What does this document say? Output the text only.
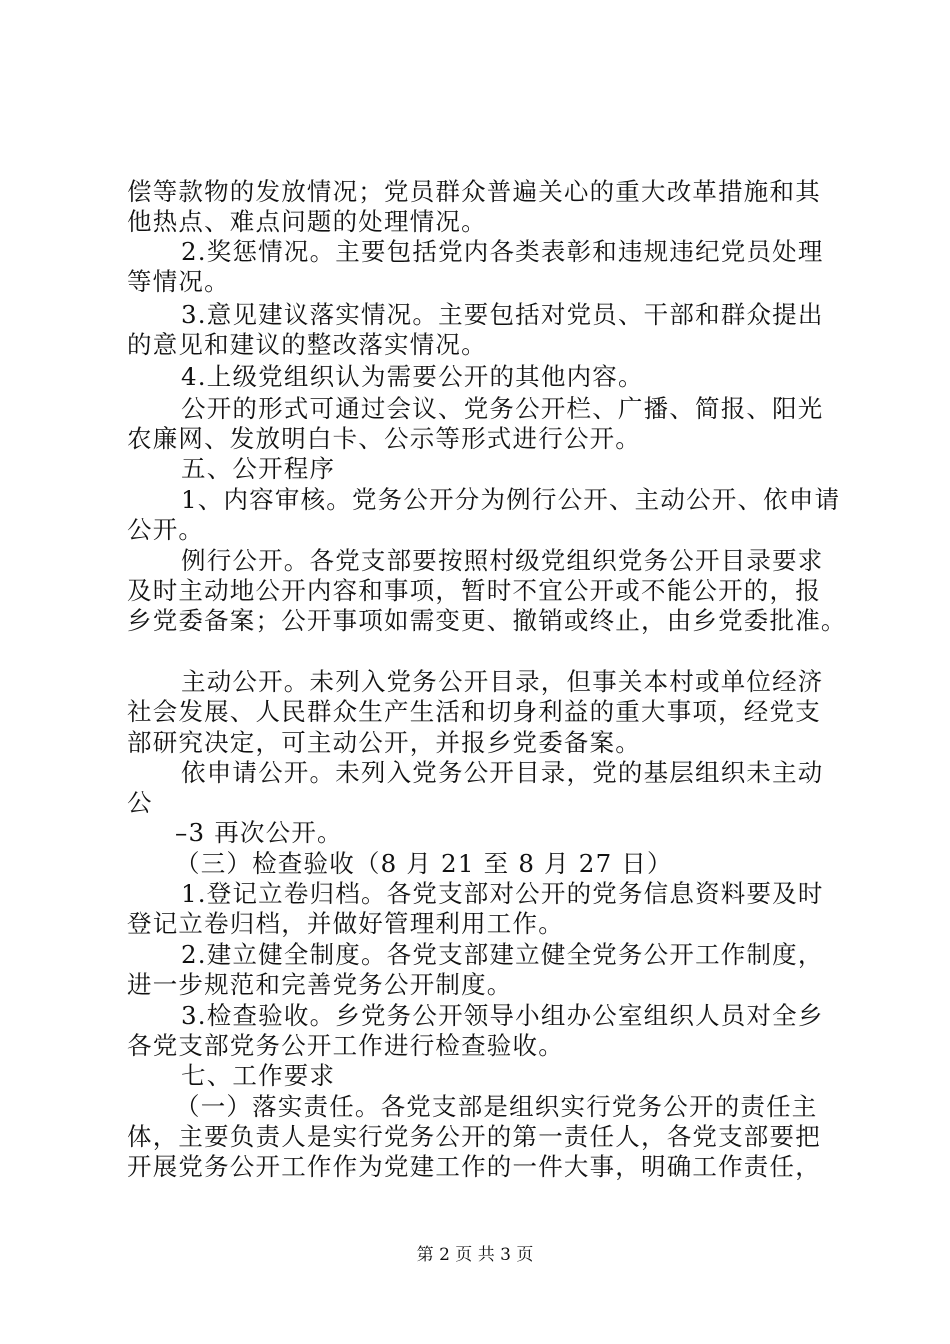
偿等款物的发放情况；党员群众普遍关心的重大改革措施和其
他热点、难点问题的处理情况。
2.奖惩情况。主要包括党内各类表彰和违规违纪党员处理
等情况。
3.意见建议落实情况。主要包括对党员、干部和群众提出
的意见和建议的整改落实情况。
4.上级党组织认为需要公开的其他内容。
公开的形式可通过会议、党务公开栏、广播、简报、阳光
农廉网、发放明白卡、公示等形式进行公开。
五、公开程序
1、内容审核。党务公开分为例行公开、主动公开、依申请
公开。
例行公开。各党支部要按照村级党组织党务公开目录要求
及时主动地公开内容和事项，暂时不宜公开或不能公开的，报
乡党委备案；公开事项如需变更、撤销或终止，由乡党委批准。
主动公开。未列入党务公开目录，但事关本村或单位经济
社会发展、人民群众生产生活和切身利益的重大事项，经党支
部研究决定，可主动公开，并报乡党委备案。
依申请公开。未列入党务公开目录，党的基层组织未主动
公
–3 再次公开。
（三）检查验收（8 月 21 至 8 月 27 日）
1.登记立卷归档。各党支部对公开的党务信息资料要及时
登记立卷归档，并做好管理利用工作。
2.建立健全制度。各党支部建立健全党务公开工作制度，
进一步规范和完善党务公开制度。
3.检查验收。乡党务公开领导小组办公室组织人员对全乡
各党支部党务公开工作进行检查验收。
七、工作要求
（一）落实责任。各党支部是组织实行党务公开的责任主
体，主要负责人是实行党务公开的第一责任人，各党支部要把
开展党务公开工作作为党建工作的一件大事，明确工作责任，
第 2 页 共 3 页
